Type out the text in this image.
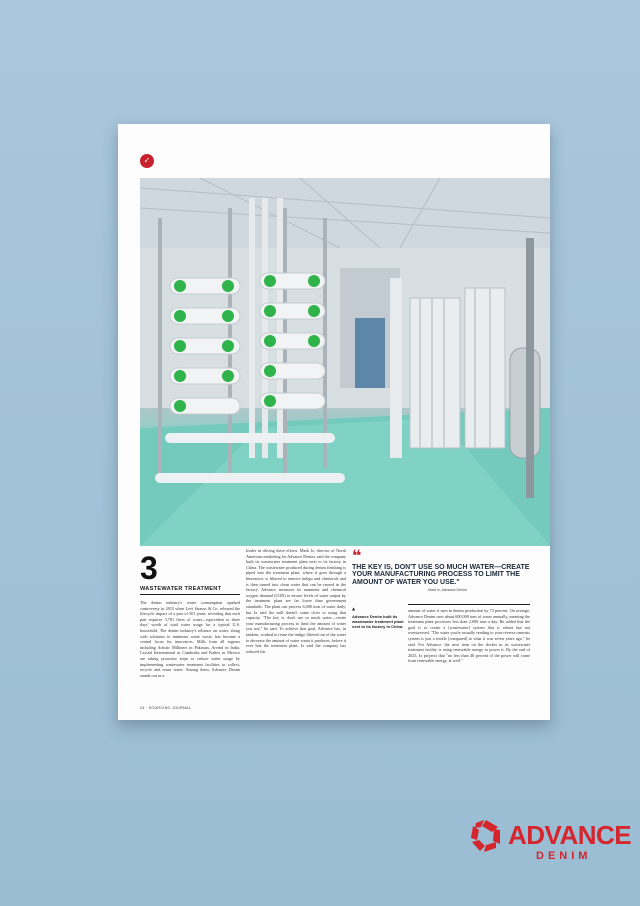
✓
3
WASTEWATER TREATMENT
The denim industry's water consumption sparked controversy in 2015 when Levi Strauss & Co. released the lifecycle impact of a pair of 501 jeans, revealing that each pair requires 3,781 liters of water—equivalent to three days' worth of total water usage for a typical U.S. household. The denim industry's reliance on water, along with solutions to minimize water waste, has become a central focus for innovators. Mills from all regions including Artistic Milliners in Pakistan, Arvind in India, Crystal International in Cambodia and Kaltex in Mexico are taking proactive steps to reduce water usage by implementing wastewater treatment facilities to collect, recycle and reuse water. Among them, Advance Denim stands out as a
leader in driving these efforts. Mark Ix, director of North American marketing for Advance Denim, said the company built its wastewater treatment plant next to its factory in China. The wastewater produced during denim finishing is piped into the treatment plant, where it goes through a bioreactor, is filtered to remove indigo and chemicals and is then turned into clean water that can be reused in the factory. Advance measures its ammonia and chemical oxygen demand (COD) to ensure levels of water output by the treatment plant are far lower than government standards. The plant can process 6,000 tons of water daily, but Ix said the mill doesn't come close to using that capacity. "The key is, don't use so much water—create your manufacturing process to limit the amount of water you use," he said. To achieve that goal, Advance has, in tandem, worked to reuse the indigo filtered out of the water to decrease the amount of water waste it produces, before it ever hits the treatment plant. Ix said the company has reduced the
❝
THE KEY IS, DON'T USE SO MUCH WATER—CREATE YOUR MANUFACTURING PROCESS TO LIMIT THE AMOUNT OF WATER YOU USE."
Mark Ix, Advance Denim
▲
Advance Denim built its wastewater treatment plant next to its factory in China.
amount of water it uses in denim production by 73 percent. On average, Advance Denim uses about 600,000 tons of water annually, meaning the treatment plant processes less than 2,000 tons a day. He added that the goal is to create a [wastewater] system that is robust but not overstressed. "The water you're actually sending to your reverse osmosis system is just a trickle [compared] to what it was seven years ago," he said. For Advance, the next item on the docket in its wastewater treatment facility is using renewable energy to power it. By the end of 2025, Ix projects that "no less than 40 percent of the power will come from renewable energy, at well."
24 · SOURCING JOURNAL
ADVANCE
DENIM
